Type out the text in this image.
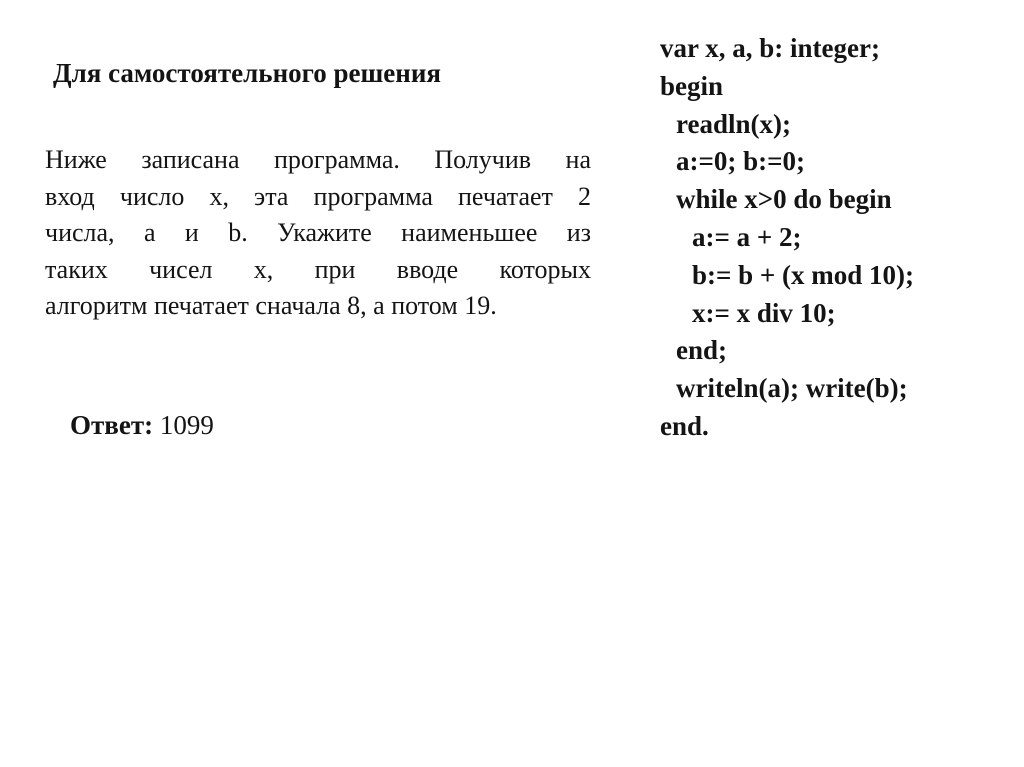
Для самостоятельного решения
Ниже записана программа. Получив на
вход число x, эта программа печатает 2
числа, a и b. Укажите наименьшее из
таких чисел x, при вводе которых
алгоритм печатает сначала 8, а потом 19.
Ответ: 1099
var x, a, b: integer;
begin
readln(x);
a:=0; b:=0;
while x>0 do begin
a:= a + 2;
b:= b + (x mod 10);
x:= x div 10;
end;
writeln(a); write(b);
end.
